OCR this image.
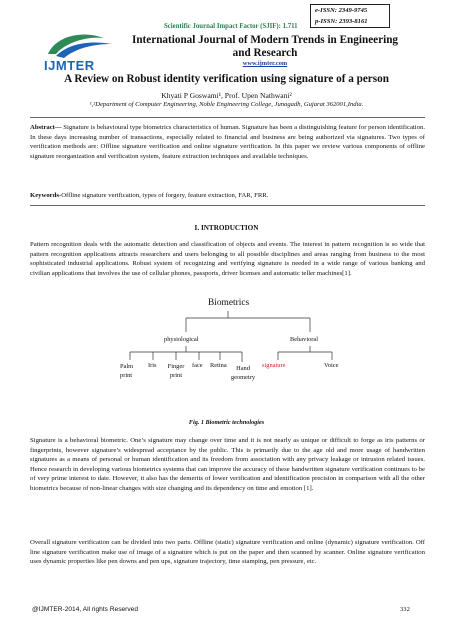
e-ISSN: 2349-9745
p-ISSN: 2393-8161
Scientific Journal Impact Factor (SJIF): 1.711
IJMTER
International Journal of Modern Trends in Engineering
and Research
www.ijmter.com
A Review on Robust identity verification using signature of a person
Khyati P Goswami¹, Prof. Upen Nathwani²
¹,²Department of Computer Engineering, Noble Engineering College, Junagadh, Gujarat 362001,India.
Abstract— Signature is behavioural type biometrics characteristics of human. Signature has been a distinguishing feature for person identification. In these days increasing number of transactions, especially related to financial and business are being authorized via signatures. Two types of verification methods are: Offline signature verification and online signature verification. In this paper we review various components of offline signature reorganization and verification system, feature extraction techniques and available techniques.
Keywords-Offline signature verification, types of forgery, feature extraction, FAR, FRR.
I. INTRODUCTION
Pattern recognition deals with the automatic detection and classification of objects and events. The interest in pattern recognition is so wide that pattern recognition applications attracts researchers and users belonging to all possible disciplines and areas ranging from business to the most sophisticated industrial applications. Robust system of recognizing and verifying signature is needed in a wide range of various banking and civilian applications that involves the use of cellular phones, passports, driver licenses and automatic teller machines[1].
Biometrics
physiological	Behavioral
Palm print
Iris	Finger print
face Retina	Hand geometry
signature	Voice
Fig. 1 Biometric technologies
Signature is a behavioral biometric. One’s signature may change over time and it is not nearly as unique or difficult to forge as iris patterns or fingerprints, however signature’s widespread acceptance by the public. This is primarily due to the age old and more usage of handwritten signatures as a means of personal or human identification and its freedom from association with any privacy leakage or intrusion related issues. Hence research in developing various biometrics systems that can improve the accuracy of these handwritten signature verification continues to be of very prime interest to date. However, it also has the demerits of lower verification and identification precision in comparison with all the other biometrics because of non-linear changes with size changing and its dependency on time and emotion [1].
Overall signature verification can be divided into two parts. Offline (static) signature verification and online (dynamic) signature verification. Off line signature verification make use of image of a signature which is put on the paper and then scanned by scanner. Online signature verification uses dynamic properties like pen downs and pen ups, signature trajectory, time stamping, pen pressure, etc.
@IJMTER-2014, All rights Reserved	332
